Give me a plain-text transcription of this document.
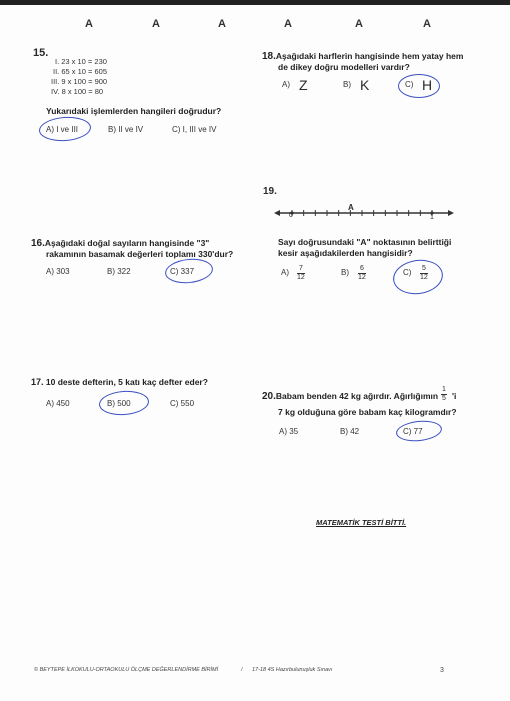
A	A	A	A	A	A
15.
I. 23 x 10 = 230
II. 65 x 10 = 605
III. 9 x 100 = 900
IV. 8 x 100 = 80
Yukarıdaki işlemlerden hangileri doğrudur?
A) I ve III	B) II ve IV	C) I, III ve IV
18.Aşağıdaki harflerin hangisinde hem yatay hem
de dikey doğru modelleri vardır?
A) Z	B) K	C) H
19.
0
A
1
Sayı doğrusundaki "A" noktasının belirttiği
kesir aşağıdakilerden hangisidir?
$A) \frac{7}{12}$	$B) \frac{6}{12}$	$C) \frac{5}{12}$
16.Aşağıdaki doğal sayıların hangisinde "3"
rakamının basamak değerleri toplamı 330'dur?
A) 303	B) 322	C) 337
17. 10 deste defterin, 5 katı kaç defter eder?
A) 450	B) 500	C) 550
20.Babam benden 42 kg ağırdır. Ağırlığımın $\frac{1}{5}$ 'i
7 kg olduğuna göre babam kaç kilogramdır?
A) 35	B) 42	C) 77
MATEMATİK TESTİ BİTTİ.
© BEYTEPE İLKOKULU-ORTAOKULU ÖLÇME DEĞERLENDİRME BİRİMİ	/ 17-18 4S Hazırbulunuşluk Sınavı	3
